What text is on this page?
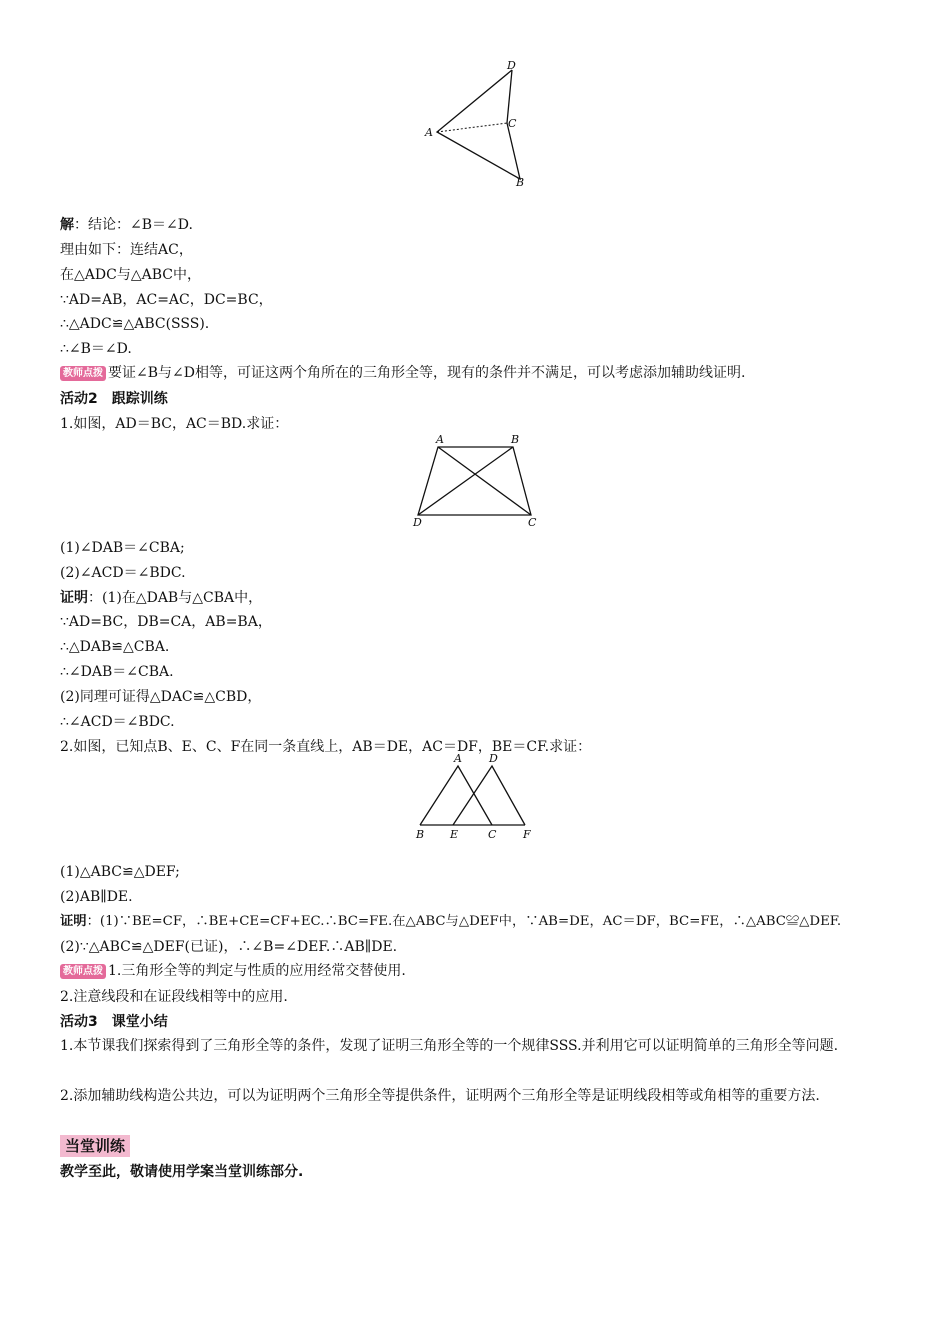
D
A
C
B
解：结论：∠B＝∠D.
理由如下：连结AC，
在△ADC与△ABC中，
∵AD=AB，AC=AC，DC=BC，
∴△ADC≌△ABC(SSS).
∴∠B＝∠D.
教师点拨 要证∠B与∠D相等，可证这两个角所在的三角形全等，现有的条件并不满足，可以考虑添加辅助线证明.
活动2　跟踪训练
1.如图，AD＝BC，AC＝BD.求证：
A	B
D	C
(1)∠DAB＝∠CBA;
(2)∠ACD＝∠BDC.
证明：(1)在△DAB与△CBA中，
∵AD=BC，DB=CA，AB=BA，
∴△DAB≌△CBA.
∴∠DAB＝∠CBA.
(2)同理可证得△DAC≌△CBD，
∴∠ACD＝∠BDC.
2.如图，已知点B、E、C、F在同一条直线上，AB＝DE，AC＝DF，BE＝CF.求证：
A D
B E	C F
(1)△ABC≌△DEF;
(2)AB∥DE.
证明：(1)∵BE=CF，∴BE+CE=CF+EC.∴BC=FE.在△ABC与△DEF中，∵AB=DE，AC＝DF，BC=FE，∴△ABC≌△DEF.
(2)∵△ABC≌△DEF(已证)，∴∠B=∠DEF.∴AB∥DE.
教师点拨 1.三角形全等的判定与性质的应用经常交替使用.
2.注意线段和在证段线相等中的应用.
活动3　课堂小结
1.本节课我们探索得到了三角形全等的条件，发现了证明三角形全等的一个规律SSS.并利用它可以证明简单的三角形全等问题.
2.添加辅助线构造公共边，可以为证明两个三角形全等提供条件，证明两个三角形全等是证明线段相等或角相等的重要方法.
当堂训练
教学至此，敬请使用学案当堂训练部分.
